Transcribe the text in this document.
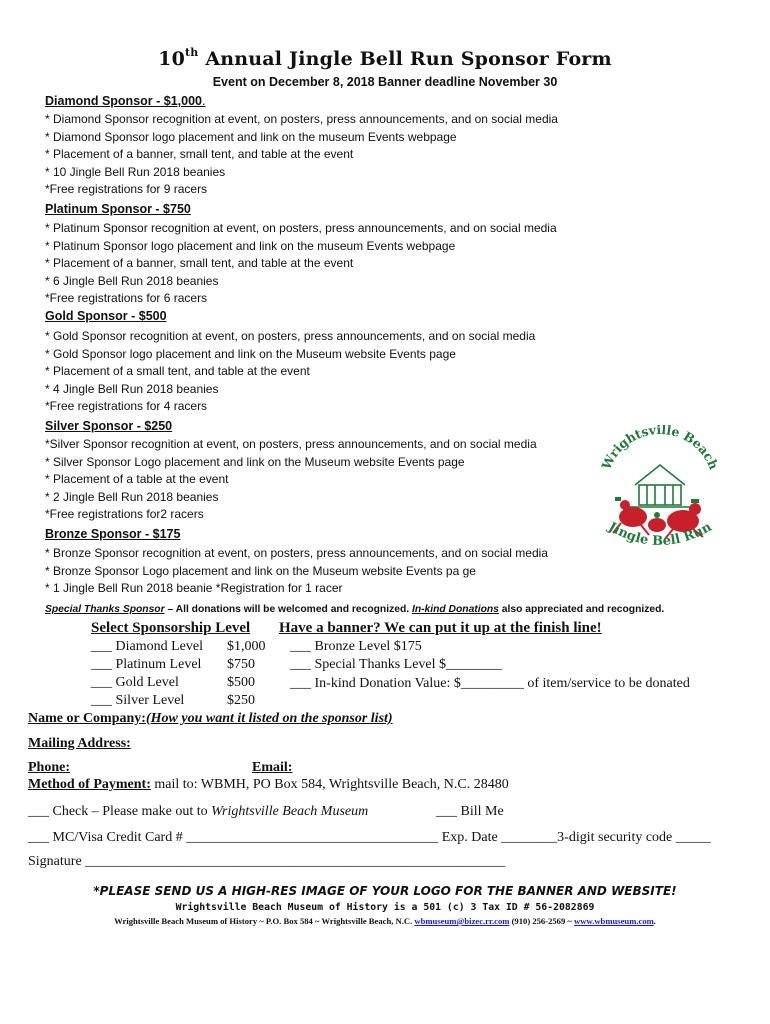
10th Annual Jingle Bell Run Sponsor Form
Event on December 8, 2018 Banner deadline November 30
Diamond Sponsor - $1,000.
* Diamond Sponsor recognition at event, on posters, press announcements, and on social media
* Diamond Sponsor logo placement and link on the museum Events webpage
* Placement of a banner, small tent, and table at the event
* 10 Jingle Bell Run 2018 beanies
*Free registrations for 9 racers
Platinum Sponsor - $750
* Platinum Sponsor recognition at event, on posters, press announcements, and on social media
* Platinum Sponsor logo placement and link on the museum Events webpage
* Placement of a banner, small tent, and table at the event
* 6 Jingle Bell Run 2018 beanies
*Free registrations for 6 racers
Gold Sponsor - $500
* Gold Sponsor recognition at event, on posters, press announcements, and on social media
* Gold Sponsor logo placement and link on the Museum website Events page
* Placement of a small tent, and table at the event
* 4 Jingle Bell Run 2018 beanies
*Free registrations for 4 racers
Silver Sponsor - $250
*Silver Sponsor recognition at event, on posters, press announcements, and on social media
* Silver Sponsor Logo placement and link on the Museum website Events page
* Placement of a table at the event
* 2 Jingle Bell Run 2018 beanies
*Free registrations for2 racers
Bronze Sponsor - $175
* Bronze Sponsor recognition at event, on posters, press announcements, and on social media
* Bronze Sponsor Logo placement and link on the Museum website Events pa ge
* 1 Jingle Bell Run 2018 beanie *Registration for 1 racer
Wrightsville Beach
Jingle Bell Run
Special Thanks Sponsor – All donations will be welcomed and recognized. In-kind Donations also appreciated and recognized.
Select Sponsorship Level Have a banner? We can put it up at the finish line!
___ Diamond Level $1,000
___ Platinum Level $750
___ Gold Level	$500
___ Silver Level	$250
___ Bronze Level $175
___ Special Thanks Level $________
___ In-kind Donation Value: $_________ of item/service to be donated
Name or Company:(How you want it listed on the sponsor list)
Mailing Address:
Phone:	Email:
Method of Payment: mail to: WBMH, PO Box 584, Wrightsville Beach, N.C. 28480
___ Check – Please make out to Wrightsville Beach Museum	___ Bill Me
___ MC/Visa Credit Card # ____________________________________ Exp. Date ________3-digit security code _____
Signature ____________________________________________________________
*PLEASE SEND US A HIGH-RES IMAGE OF YOUR LOGO FOR THE BANNER AND WEBSITE!
Wrightsville Beach Museum of History is a 501 (c) 3 Tax ID # 56-2082869
Wrightsville Beach Museum of History ~ P.O. Box 584 ~ Wrightsville Beach, N.C. wbmuseum@bizec.rr.com (910) 256-2569 ~ www.wbmuseum.com.
